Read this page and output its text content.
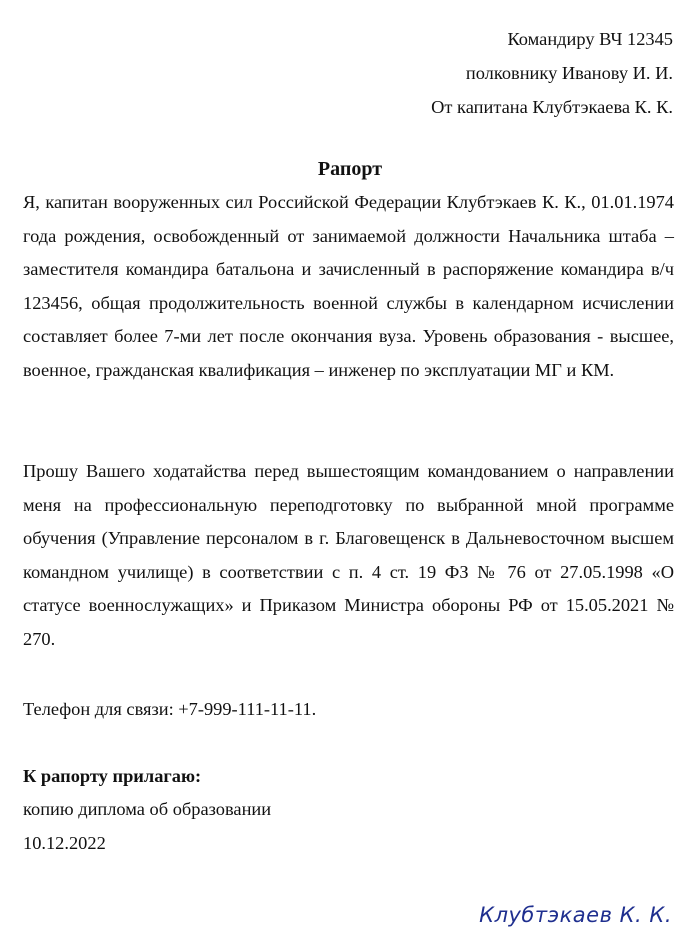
Командиру ВЧ 12345
полковнику Иванову И. И.
От капитана Клубтэкаева К. К.
Рапорт

Я, капитан вооруженных сил Российской Федерации Клубтэкаев К. К., 01.01.1974 года рождения, освобожденный от занимаемой должности Начальника штаба – заместителя командира батальона и зачисленный в распоряжение командира в/ч 123456, общая продолжительность военной службы в календарном исчислении составляет более 7-ми лет после окончания вуза. Уровень образования - высшее, военное, гражданская квалификация – инженер по эксплуатации МГ и КМ.

Прошу Вашего ходатайства перед вышестоящим командованием о направлении меня на профессиональную переподготовку по выбранной мной программе обучения (Управление персоналом в г. Благовещенск в Дальневосточном высшем командном училище) в соответствии с п. 4 ст. 19 ФЗ № 76 от 27.05.1998 «О статусе военнослужащих» и Приказом Министра обороны РФ от 15.05.2021 № 270.

Телефон для связи: +7-999-111-11-11.
К рапорту прилагаю:
копию диплома об образовании
10.12.2022
Клубтэкаев К. К.
